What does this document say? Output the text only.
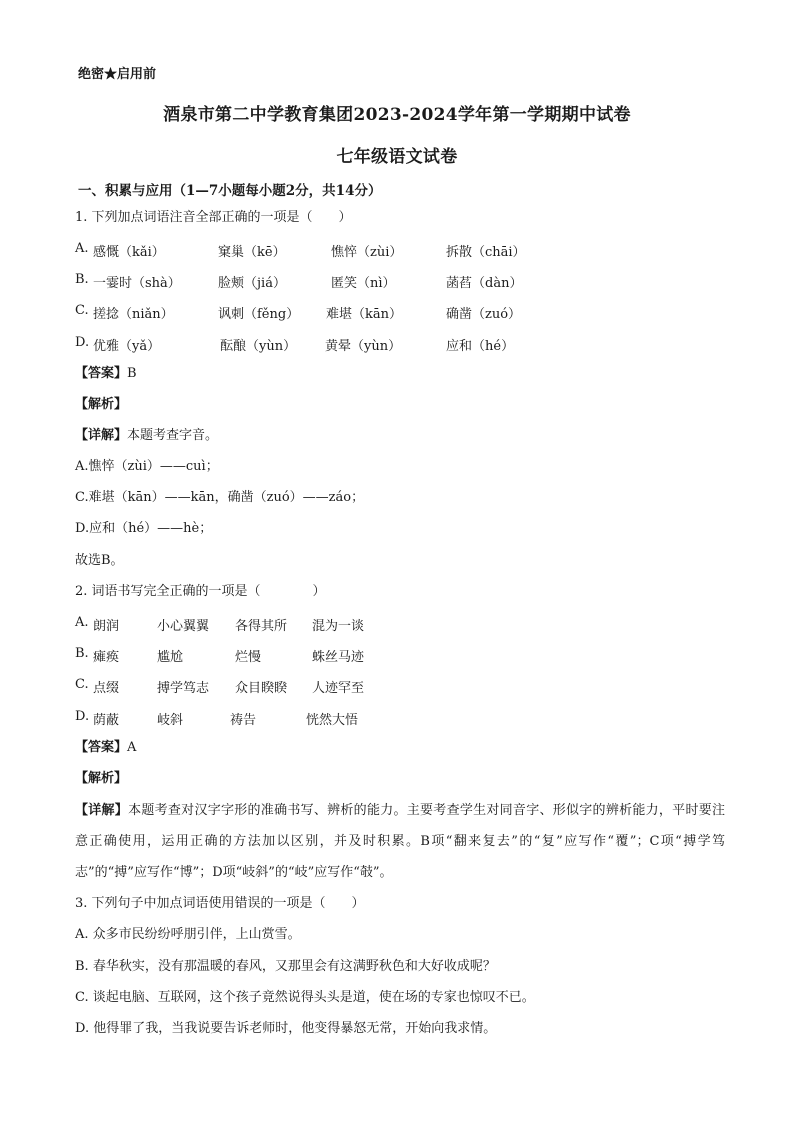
绝密★启用前
酒泉市第二中学教育集团2023-2024学年第一学期期中试卷
七年级语文试卷
一、积累与应用（1—7小题每小题2分，共14分）
1. 下列加点词语注音全部正确的一项是（　　）
A. 感慨（kǎi）	窠巢（kē）	憔悴（zùi）	拆散（chāi）
B. 一霎时（shà）	脸颊（jiá）	匿笑（nì）	菡萏（dàn）
C. 搓捻（niǎn）	讽刺（fěng） 难堪（kān）	确凿（zuó）
D. 优雅（yǎ）	酝酿（yùn） 黄晕（yùn）	应和（hé）
【答案】B
【解析】
【详解】本题考查字音。
A.憔悴（zùi）——cuì；
C.难堪（kān）——kān，确凿（zuó）——záo；
D.应和（hé）——hè；
故选B。
2. 词语书写完全正确的一项是（　　　　）
A. 朗润	小心翼翼 各得其所 混为一谈
B. 瘫痪	尴尬	烂慢	蛛丝马迹
C. 点缀	搏学笃志 众目睽睽 人迹罕至
D. 荫蔽	岐斜	祷告	恍然大悟
【答案】A
【解析】
【详解】本题考查对汉字字形的准确书写、辨析的能力。主要考查学生对同音字、形似字的辨析能力，平时要注意正确使用，运用正确的方法加以区别，并及时积累。B项“翻来复去”的“复”应写作“覆”；C项“搏学笃志”的“搏”应写作“博”；D项“岐斜”的“岐”应写作“攲”。
3. 下列句子中加点词语使用错误的一项是（　　）
A. 众多市民纷纷呼朋引伴，上山赏雪。
B. 春华秋实，没有那温暖的春风，又那里会有这满野秋色和大好收成呢？
C. 谈起电脑、互联网，这个孩子竟然说得头头是道，使在场的专家也惊叹不已。
D. 他得罪了我，当我说要告诉老师时，他变得暴怒无常，开始向我求情。
